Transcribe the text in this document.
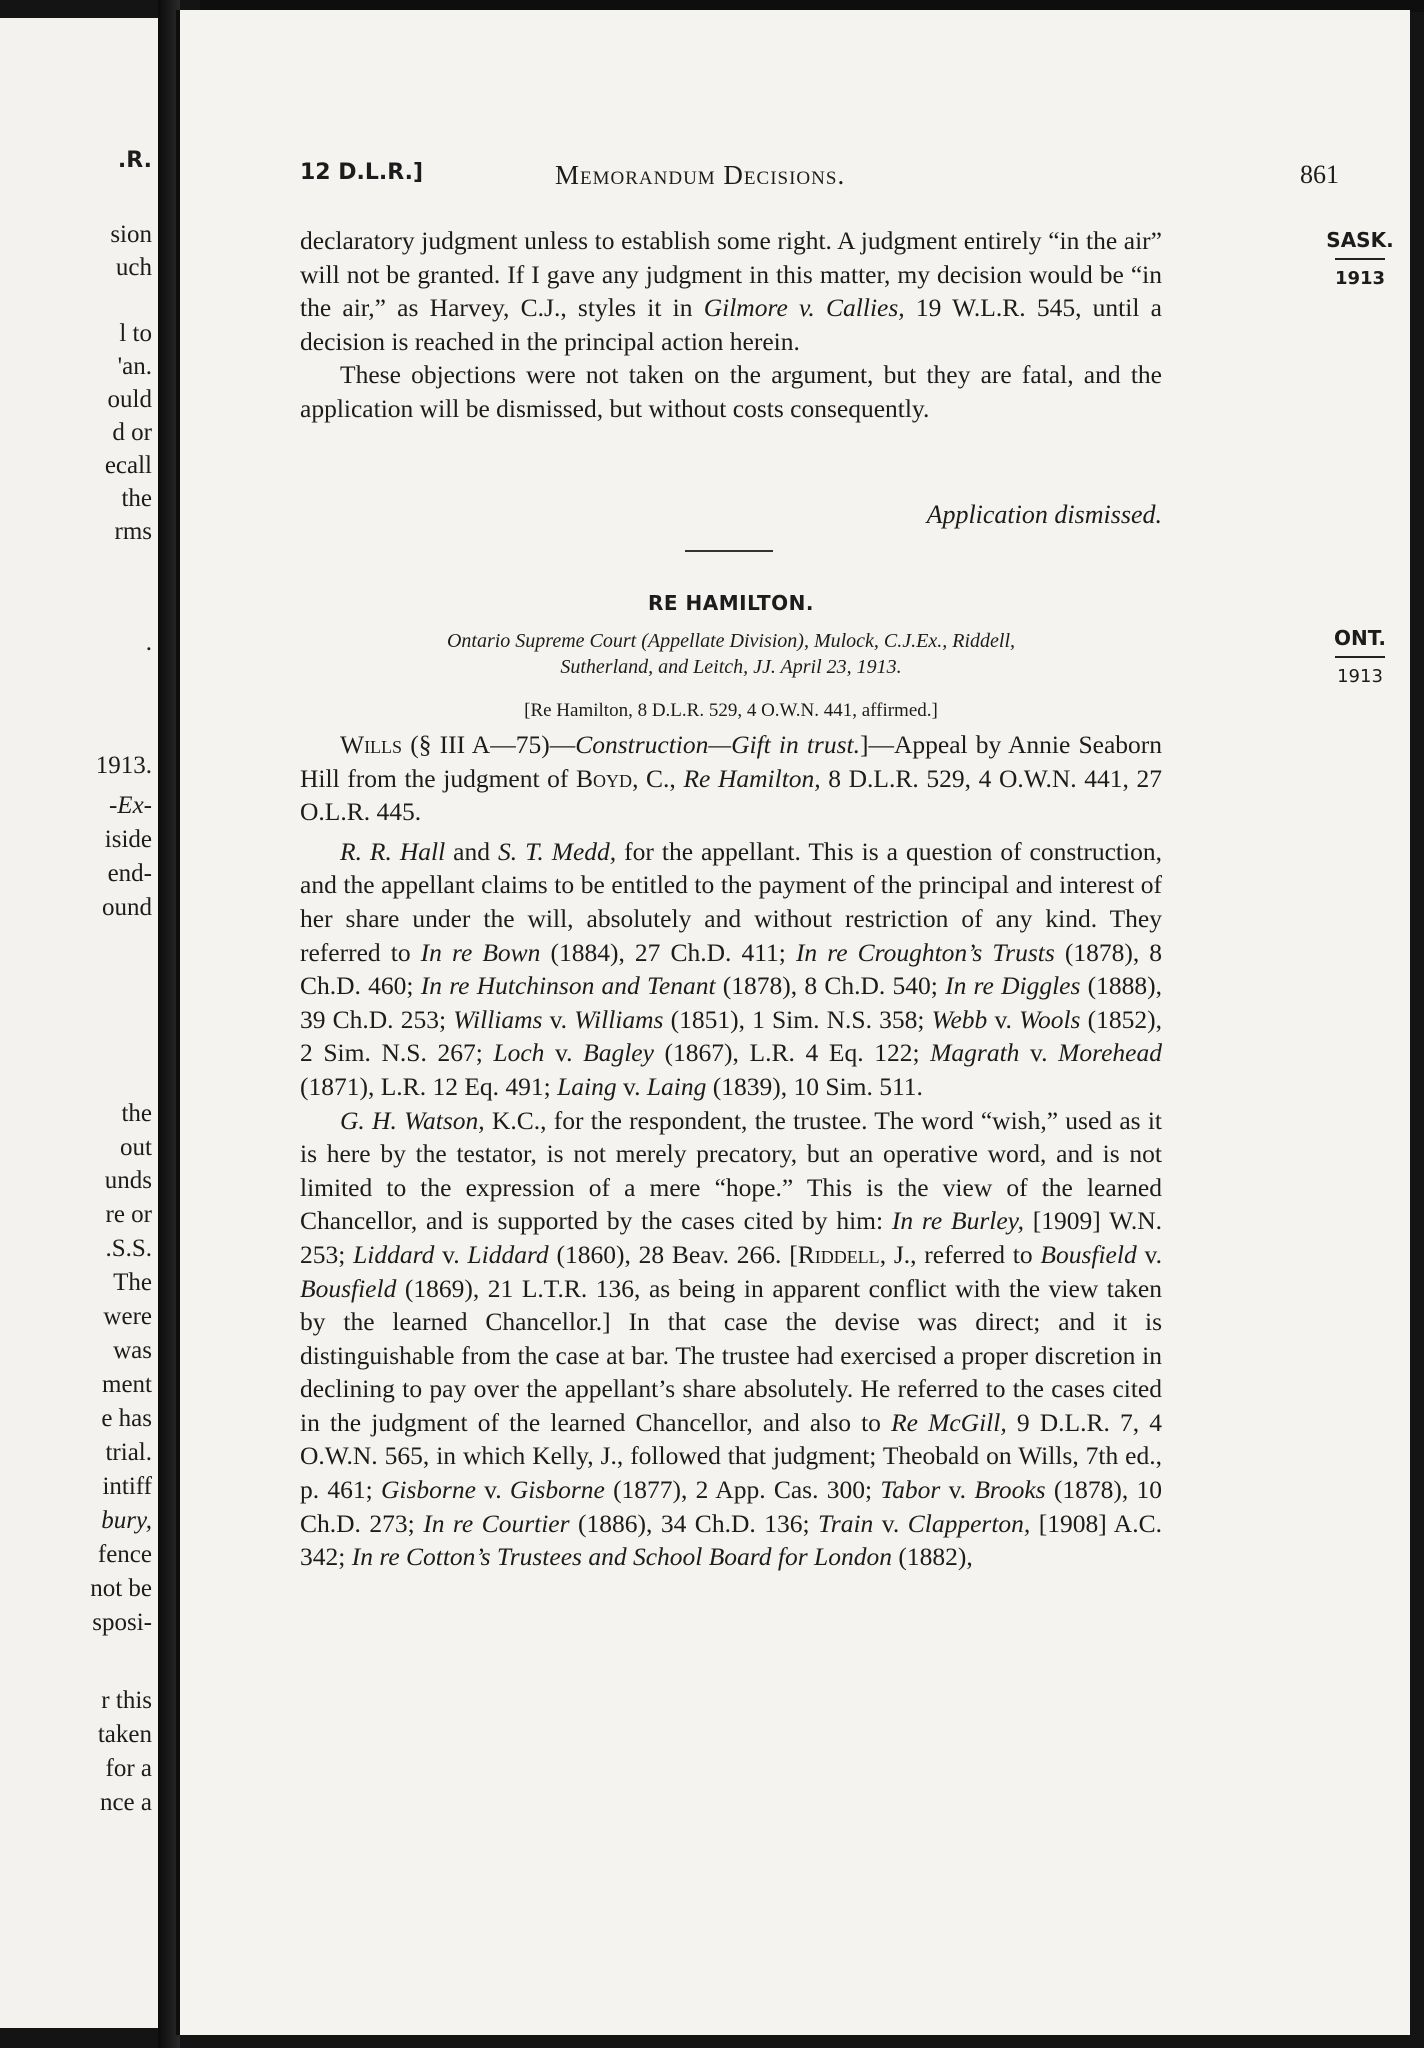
.R.
sion
uch
l to
'an.
ould
d or
ecall
the
rms
.
1913.
-Ex-
iside
end-
ound
the
out
unds
re or
.S.S.
The
were
was
ment
e has
trial.
intiff
bury,
fence
not be
sposi-
r this
taken
for a
nce a
12 D.L.R.]	Memorandum Decisions.	861
SASK.
1913

declaratory judgment unless to establish some right. A judgment entirely “in the air” will not be granted. If I gave any judgment in this matter, my decision would be “in the air,” as Harvey, C.J., styles it in Gilmore v. Callies, 19 W.L.R. 545, until a decision is reached in the principal action herein.

These objections were not taken on the argument, but they are fatal, and the application will be dismissed, but without costs consequently.

Application dismissed.
RE HAMILTON.
ONT.
1913
Ontario Supreme Court (Appellate Division), Mulock, C.J.Ex., Riddell,
Sutherland, and Leitch, JJ. April 23, 1913.
[Re Hamilton, 8 D.L.R. 529, 4 O.W.N. 441, affirmed.]

Wills (§ III A—75)—Construction—Gift in trust.]—Appeal by Annie Seaborn Hill from the judgment of Boyd, C., Re Hamilton, 8 D.L.R. 529, 4 O.W.N. 441, 27 O.L.R. 445.

R. R. Hall and S. T. Medd, for the appellant. This is a question of construction, and the appellant claims to be entitled to the payment of the principal and interest of her share under the will, absolutely and without restriction of any kind. They referred to In re Bown (1884), 27 Ch.D. 411; In re Croughton’s Trusts (1878), 8 Ch.D. 460; In re Hutchinson and Tenant (1878), 8 Ch.D. 540; In re Diggles (1888), 39 Ch.D. 253; Williams v. Williams (1851), 1 Sim. N.S. 358; Webb v. Wools (1852), 2 Sim. N.S. 267; Loch v. Bagley (1867), L.R. 4 Eq. 122; Magrath v. Morehead (1871), L.R. 12 Eq. 491; Laing v. Laing (1839), 10 Sim. 511.

G. H. Watson, K.C., for the respondent, the trustee. The word “wish,” used as it is here by the testator, is not merely precatory, but an operative word, and is not limited to the expression of a mere “hope.” This is the view of the learned Chancellor, and is supported by the cases cited by him: In re Burley, [1909] W.N. 253; Liddard v. Liddard (1860), 28 Beav. 266. [Riddell, J., referred to Bousfield v. Bousfield (1869), 21 L.T.R. 136, as being in apparent conflict with the view taken by the learned Chancellor.] In that case the devise was direct; and it is distinguishable from the case at bar. The trustee had exercised a proper discretion in declining to pay over the appellant’s share absolutely. He referred to the cases cited in the judgment of the learned Chancellor, and also to Re McGill, 9 D.L.R. 7, 4 O.W.N. 565, in which Kelly, J., followed that judgment; Theobald on Wills, 7th ed., p. 461; Gisborne v. Gisborne (1877), 2 App. Cas. 300; Tabor v. Brooks (1878), 10 Ch.D. 273; In re Courtier (1886), 34 Ch.D. 136; Train v. Clapperton, [1908] A.C. 342; In re Cotton’s Trustees and School Board for London (1882),
